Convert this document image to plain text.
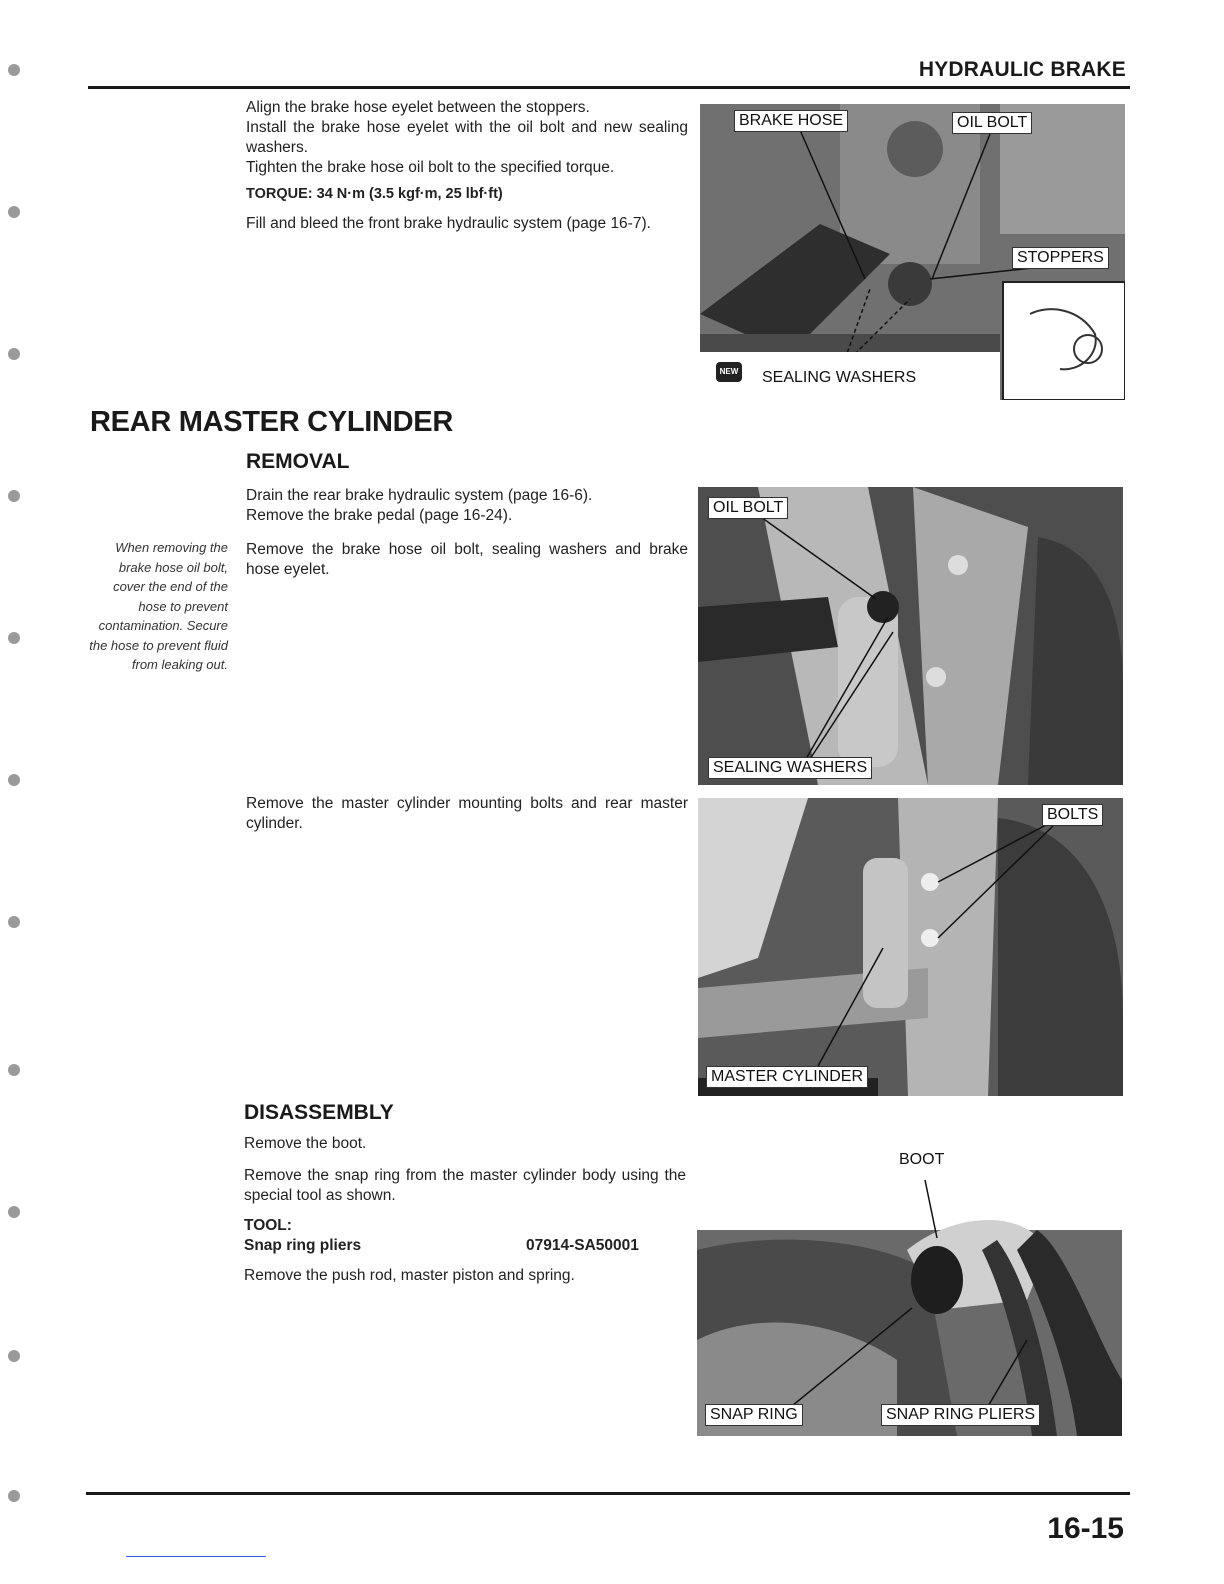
HYDRAULIC BRAKE

Align the brake hose eyelet between the stoppers.

Install the brake hose eyelet with the oil bolt and new sealing washers.

Tighten the brake hose oil bolt to the specified torque.

TORQUE: 34 N·m (3.5 kgf·m, 25 lbf·ft)

Fill and bleed the front brake hydraulic system (page 16-7).

BRAKE HOSE	OIL BOLT
STOPPERS
NEW SEALING WASHERS
REAR MASTER CYLINDER
REMOVAL

Drain the rear brake hydraulic system (page 16-6).

Remove the brake pedal (page 16-24).

Remove the brake hose oil bolt, sealing washers and brake hose eyelet.

When removing the brake hose oil bolt, cover the end of the hose to prevent contamination. Secure the hose to prevent fluid from leaking out.
OIL BOLT
SEALING WASHERS

Remove the master cylinder mounting bolts and rear master cylinder.

BOLTS
MASTER CYLINDER
DISASSEMBLY

Remove the boot.

Remove the snap ring from the master cylinder body using the special tool as shown.

TOOL:

Snap ring pliers	07914-SA50001

Remove the push rod, master piston and spring.

BOOT
SNAP RING	SNAP RING PLIERS
16-15
